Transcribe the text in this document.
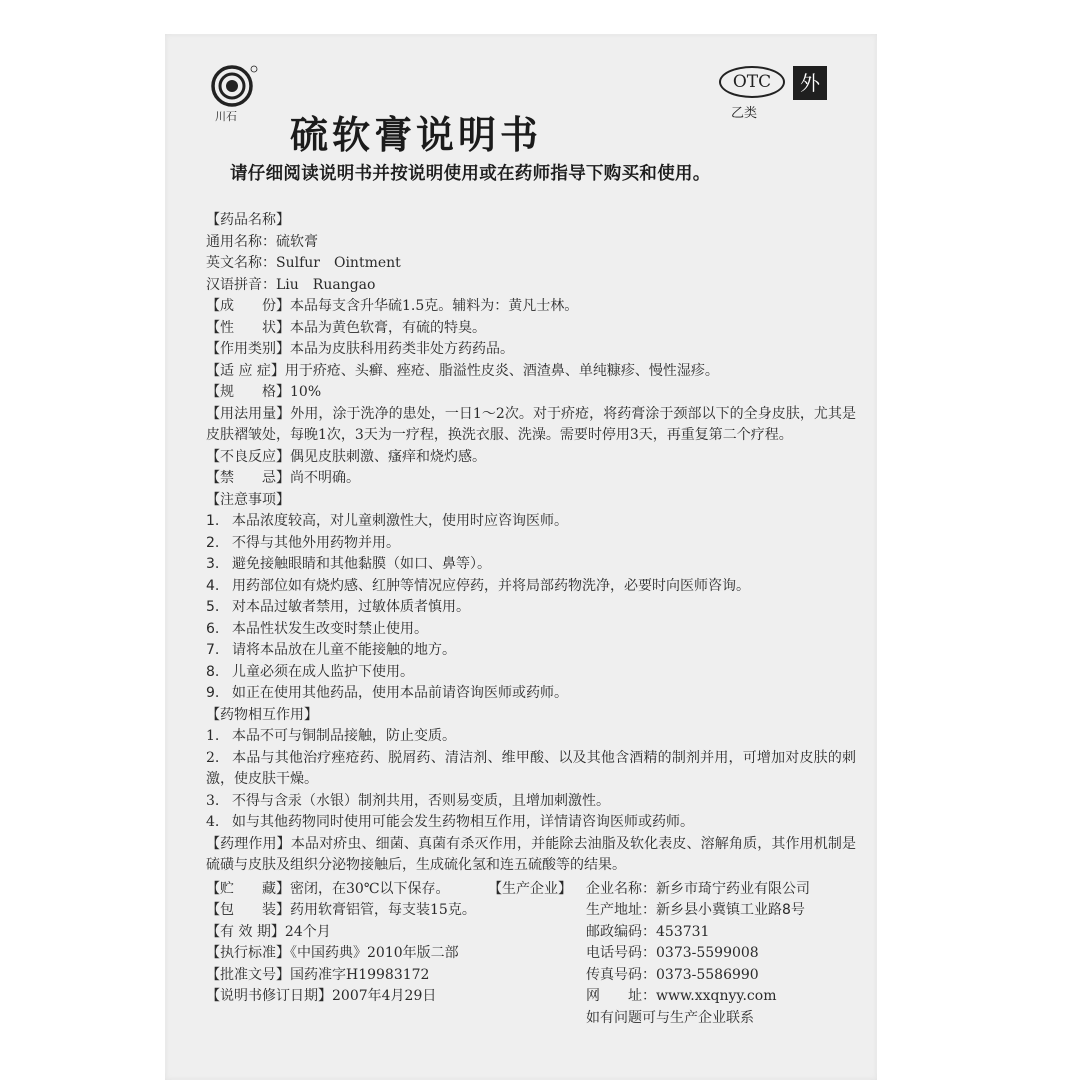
川石
OTC	外
乙类
硫软膏说明书

请仔细阅读说明书并按说明使用或在药师指导下购买和使用。

【药品名称】
通用名称：硫软膏
英文名称：Sulfur　Ointment
汉语拼音：Liu　Ruangao
【成　　份】本品每支含升华硫1.5克。辅料为：黄凡士林。
【性　　状】本品为黄色软膏，有硫的特臭。
【作用类别】本品为皮肤科用药类非处方药药品。
【适 应 症】用于疥疮、头癣、痤疮、脂溢性皮炎、酒渣鼻、单纯糠疹、慢性湿疹。
【规　　格】10%
【用法用量】外用，涂于洗净的患处，一日1～2次。对于疥疮，将药膏涂于颈部以下的全身皮肤，尤其是皮肤褶皱处，每晚1次，3天为一疗程，换洗衣服、洗澡。需要时停用3天，再重复第二个疗程。
【不良反应】偶见皮肤刺激、瘙痒和烧灼感。
【禁　　忌】尚不明确。
【注意事项】
1. 本品浓度较高，对儿童刺激性大，使用时应咨询医师。
2. 不得与其他外用药物并用。
3. 避免接触眼睛和其他黏膜（如口、鼻等）。
4. 用药部位如有烧灼感、红肿等情况应停药，并将局部药物洗净，必要时向医师咨询。
5. 对本品过敏者禁用，过敏体质者慎用。
6. 本品性状发生改变时禁止使用。
7. 请将本品放在儿童不能接触的地方。
8. 儿童必须在成人监护下使用。
9. 如正在使用其他药品，使用本品前请咨询医师或药师。
【药物相互作用】
1. 本品不可与铜制品接触，防止变质。
2. 本品与其他治疗痤疮药、脱屑药、清洁剂、维甲酸、以及其他含酒精的制剂并用，可增加对皮肤的刺激，使皮肤干燥。
3. 不得与含汞（水银）制剂共用，否则易变质，且增加刺激性。
4. 如与其他药物同时使用可能会发生药物相互作用，详情请咨询医师或药师。
【药理作用】本品对疥虫、细菌、真菌有杀灭作用，并能除去油脂及软化表皮、溶解角质，其作用机制是硫磺与皮肤及组织分泌物接触后，生成硫化氢和连五硫酸等的结果。
【贮　　藏】密闭，在30℃以下保存。
【包　　装】药用软膏铝管，每支装15克。
【有 效 期】24个月
【执行标准】《中国药典》2010年版二部
【批准文号】国药准字H19983172
【说明书修订日期】2007年4月29日
【生产企业】 企业名称：新乡市琦宁药业有限公司
生产地址：新乡县小冀镇工业路8号
邮政编码：453731
电话号码：0373-5599008
传真号码：0373-5586990
网　　址：www.xxqnyy.com
如有问题可与生产企业联系
